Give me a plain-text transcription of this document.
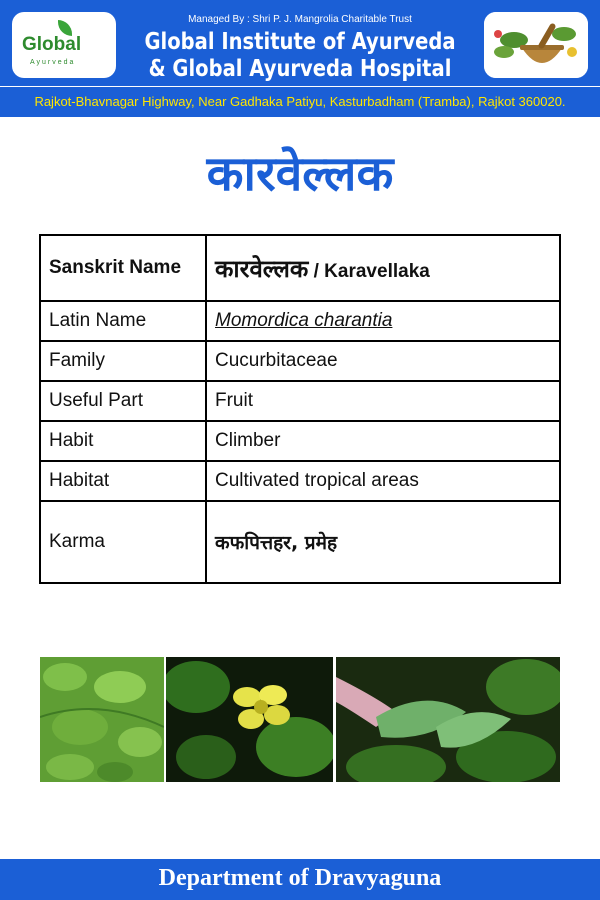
Global
Ayurveda
Managed By : Shri P. J. Mangrolia Charitable Trust
Global Institute of Ayurveda
& Global Ayurveda Hospital
Rajkot-Bhavnagar Highway, Near Gadhaka Patiyu, Kasturbadham (Tramba), Rajkot 360020.
कारवेल्लक
Sanskrit Name	कारवेल्लक / Karavellaka
Latin Name	Momordica charantia
Family	Cucurbitaceae
Useful Part	Fruit
Habit	Climber
Habitat	Cultivated tropical areas
Karma	कफपित्तहर, प्रमेह
Department of Dravyaguna
